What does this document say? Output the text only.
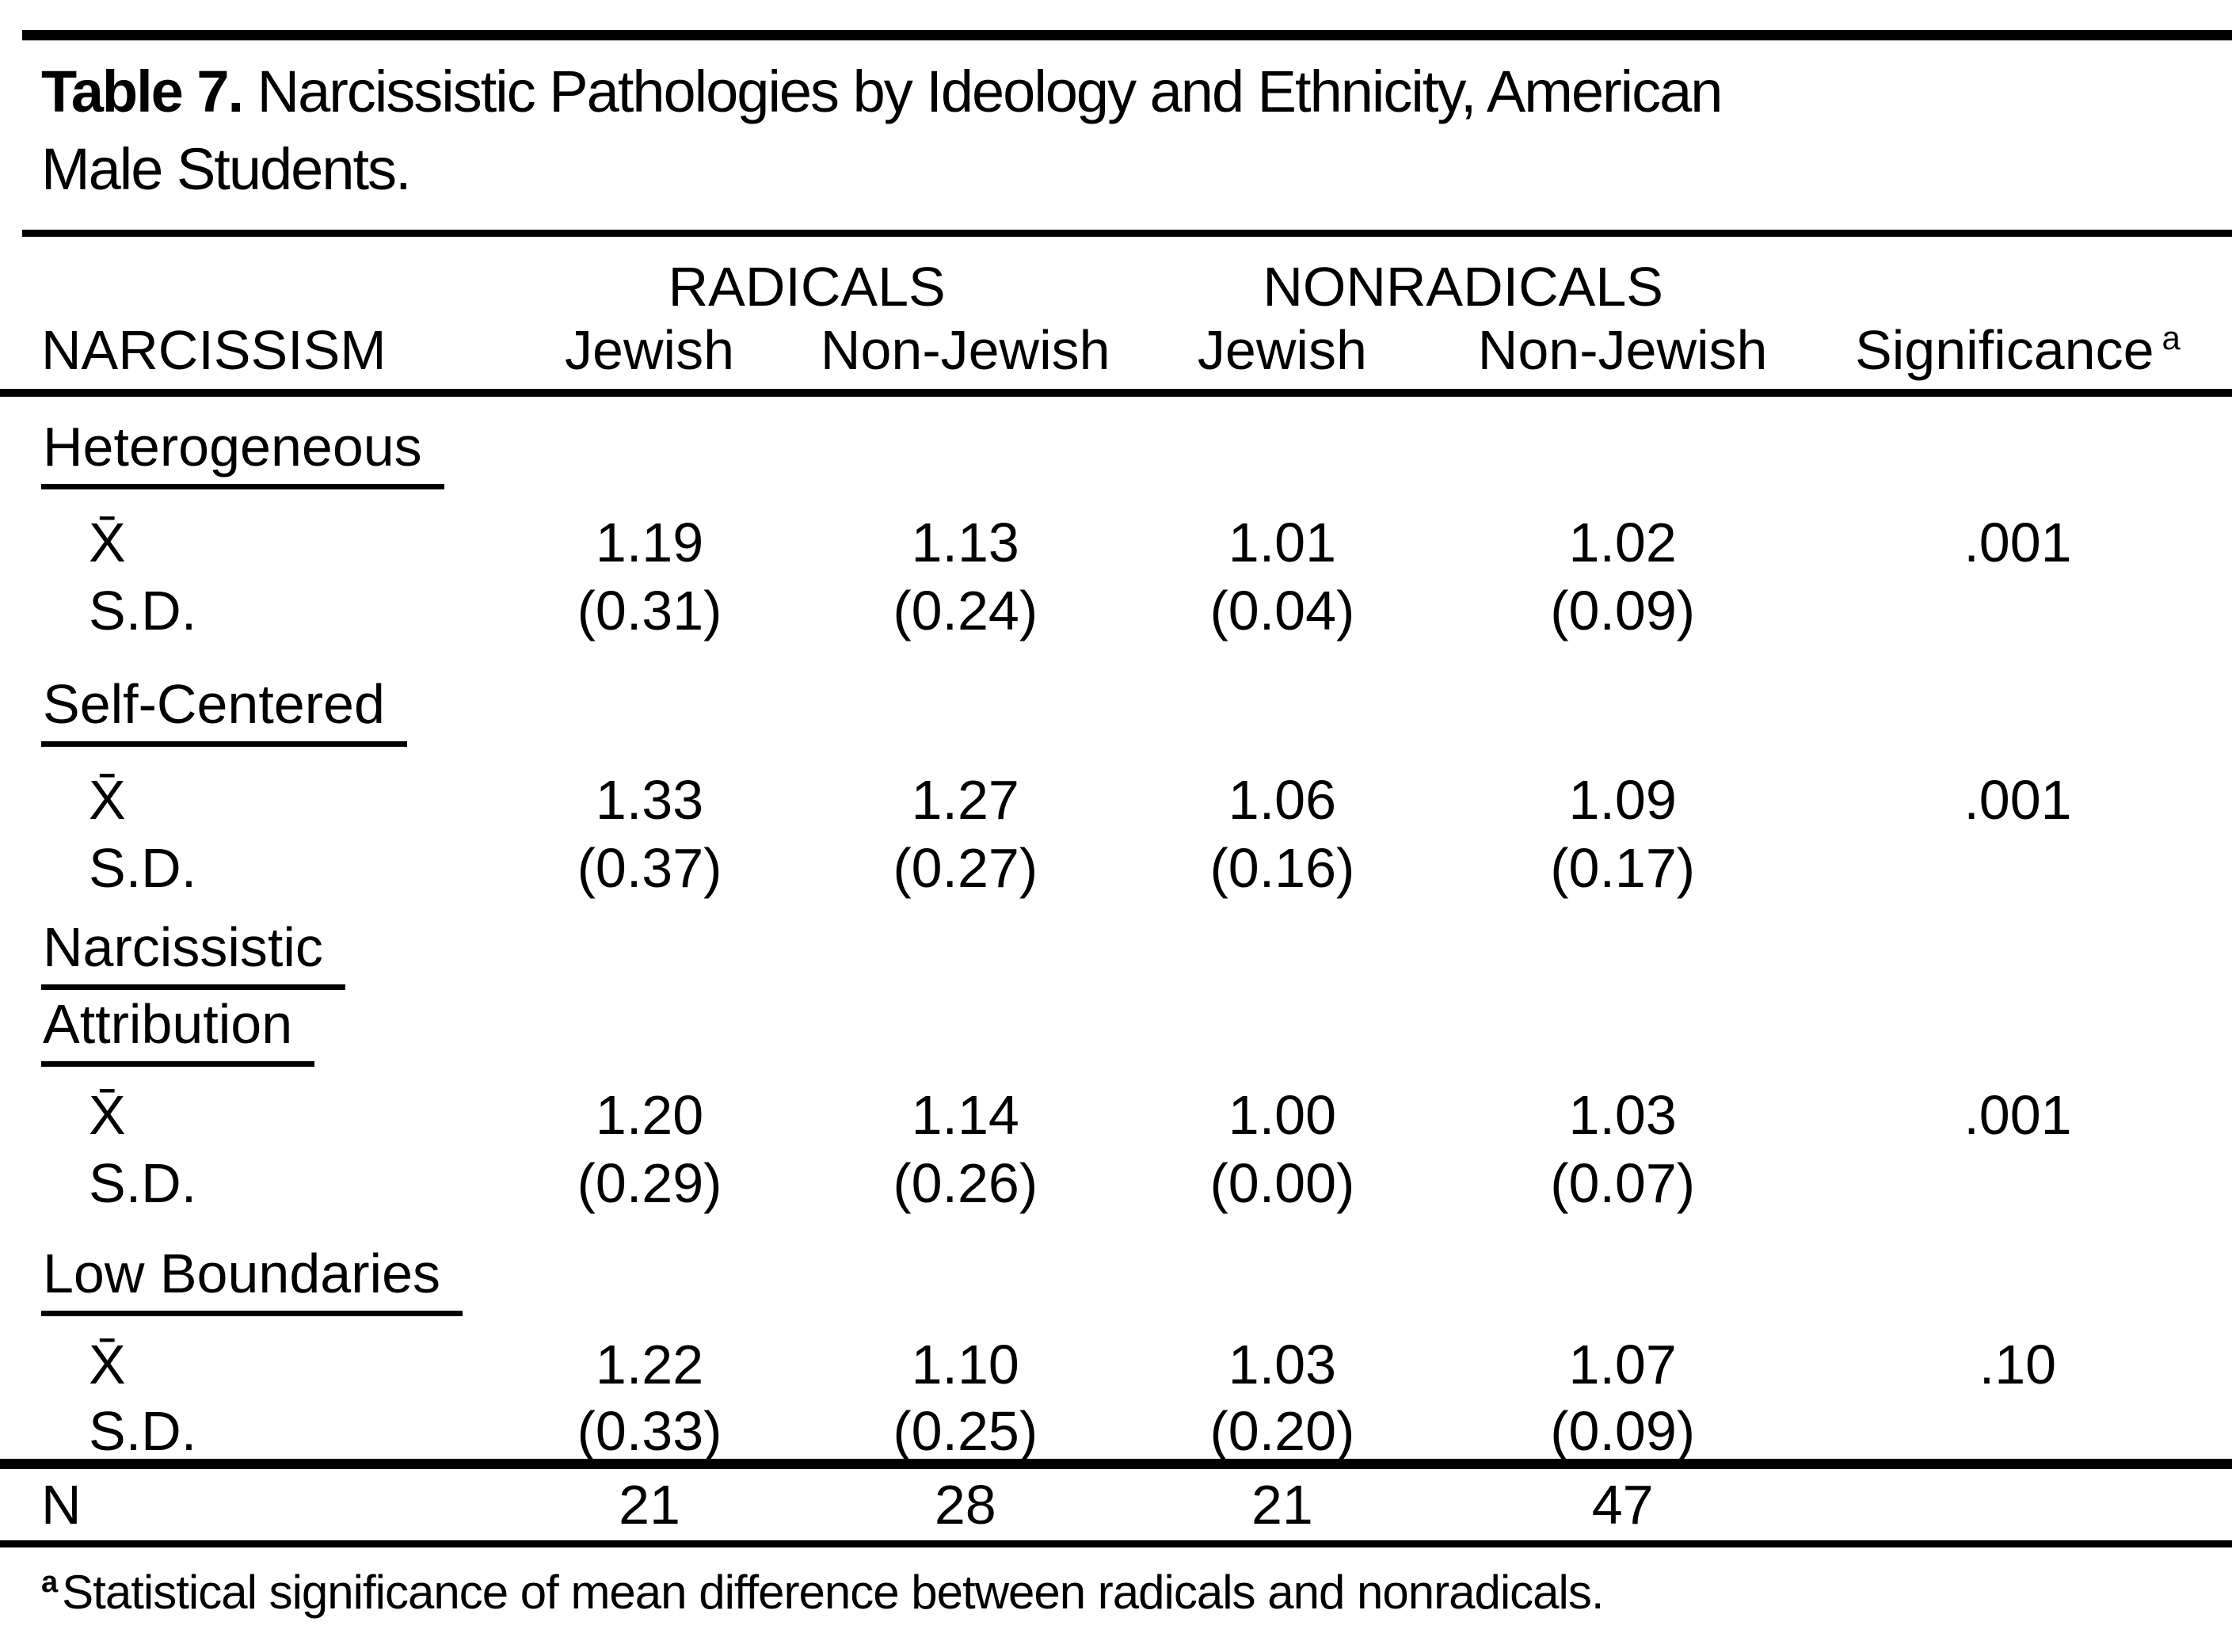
Table 7. Narcissistic Pathologies by Ideology and Ethnicity, American
Male Students.
	RADICALS		NONRADICALS		
NARCISSISM	Jewish	Non-Jewish	Jewish	Non-Jewish	Significance $^a$
Heterogeneous					
X̄	1.19	1.13	1.01	1.02	.001
S.D.	(0.31)	(0.24)	(0.04)	(0.09)	
Self-Centered					
X̄	1.33	1.27	1.06	1.09	.001
S.D.	(0.37)	(0.27)	(0.16)	(0.17)	

Narcissistic
Attribution					

X̄	1.20	1.14	1.00	1.03	.001
S.D.	(0.29)	(0.26)	(0.00)	(0.07)	
Low Boundaries					
X̄	1.22	1.10	1.03	1.07	.10
S.D.	(0.33)	(0.25)	(0.20)	(0.09)	
N	21	28	21	47	
$^a$ Statistical significance of mean difference between radicals and nonradicals.
